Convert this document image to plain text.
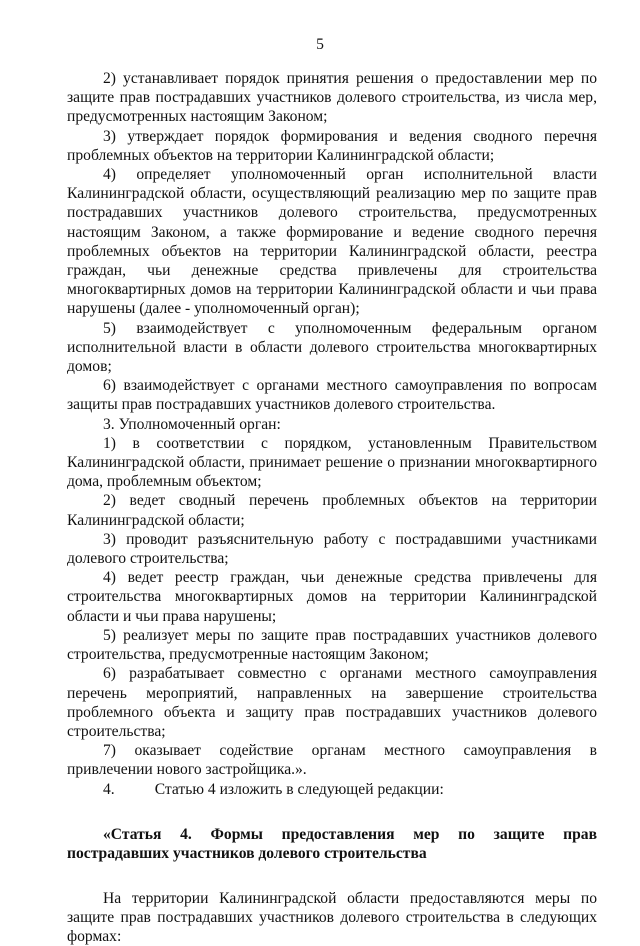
5

2) устанавливает порядок принятия решения о предоставлении мер по защите прав пострадавших участников долевого строительства, из числа мер, предусмотренных настоящим Законом;

3) утверждает порядок формирования и ведения сводного перечня проблемных объектов на территории Калининградской области;

4) определяет уполномоченный орган исполнительной власти Калининградской области, осуществляющий реализацию мер по защите прав пострадавших участников долевого строительства, предусмотренных настоящим Законом, а также формирование и ведение сводного перечня проблемных объектов на территории Калининградской области, реестра граждан, чьи денежные средства привлечены для строительства многоквартирных домов на территории Калининградской области и чьи права нарушены (далее - уполномоченный орган);

5) взаимодействует с уполномоченным федеральным органом исполнительной власти в области долевого строительства многоквартирных домов;

6) взаимодействует с органами местного самоуправления по вопросам защиты прав пострадавших участников долевого строительства.

3. Уполномоченный орган:

1) в соответствии с порядком, установленным Правительством Калининградской области, принимает решение о признании многоквартирного дома, проблемным объектом;

2) ведет сводный перечень проблемных объектов на территории Калининградской области;

3) проводит разъяснительную работу с пострадавшими участниками долевого строительства;

4) ведет реестр граждан, чьи денежные средства привлечены для строительства многоквартирных домов на территории Калининградской области и чьи права нарушены;

5) реализует меры по защите прав пострадавших участников долевого строительства, предусмотренные настоящим Законом;

6) разрабатывает совместно с органами местного самоуправления перечень мероприятий, направленных на завершение строительства проблемного объекта и защиту прав пострадавших участников долевого строительства;

7) оказывает содействие органам местного самоуправления в привлечении нового застройщика.».

4.	Статью 4 изложить в следующей редакции:

«Статья 4. Формы предоставления мер по защите прав пострадавших участников долевого строительства

На территории Калининградской области предоставляются меры по защите прав пострадавших участников долевого строительства в следующих формах:
